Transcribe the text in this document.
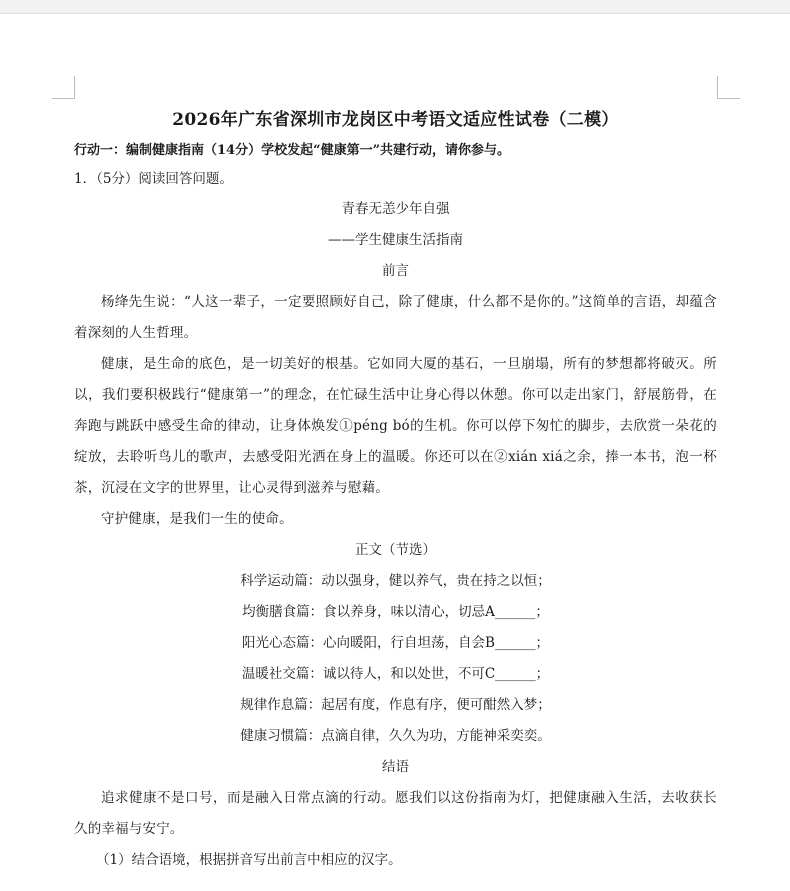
2026年广东省深圳市龙岗区中考语文适应性试卷（二模）

行动一：编制健康指南（14分）学校发起“健康第一”共建行动，请你参与。

1．（5分）阅读回答问题。

青春无恙少年自强

——学生健康生活指南

前言

杨绛先生说：“人这一辈子，一定要照顾好自己，除了健康，什么都不是你的。”这简单的言语，却蕴含着深刻的人生哲理。

健康，是生命的底色，是一切美好的根基。它如同大厦的基石，一旦崩塌，所有的梦想都将破灭。所以，我们要积极践行“健康第一”的理念，在忙碌生活中让身心得以休憩。你可以走出家门，舒展筋骨，在奔跑与跳跃中感受生命的律动，让身体焕发①péng bó的生机。你可以停下匆忙的脚步，去欣赏一朵花的绽放，去聆听鸟儿的歌声，去感受阳光洒在身上的温暖。你还可以在②xián xiá之余，捧一本书，泡一杯茶，沉浸在文字的世界里，让心灵得到滋养与慰藉。

守护健康，是我们一生的使命。

正文（节选）

科学运动篇：动以强身，健以养气，贵在持之以恒；

均衡膳食篇：食以养身，味以清心，切忌A______；

阳光心态篇：心向暖阳，行自坦荡，自会B______；

温暖社交篇：诚以待人，和以处世，不可C______；

规律作息篇：起居有度，作息有序，便可酣然入梦；

健康习惯篇：点滴自律，久久为功，方能神采奕奕。

结语

追求健康不是口号，而是融入日常点滴的行动。愿我们以这份指南为灯，把健康融入生活，去收获长久的幸福与安宁。

（1）结合语境，根据拼音写出前言中相应的汉字。
